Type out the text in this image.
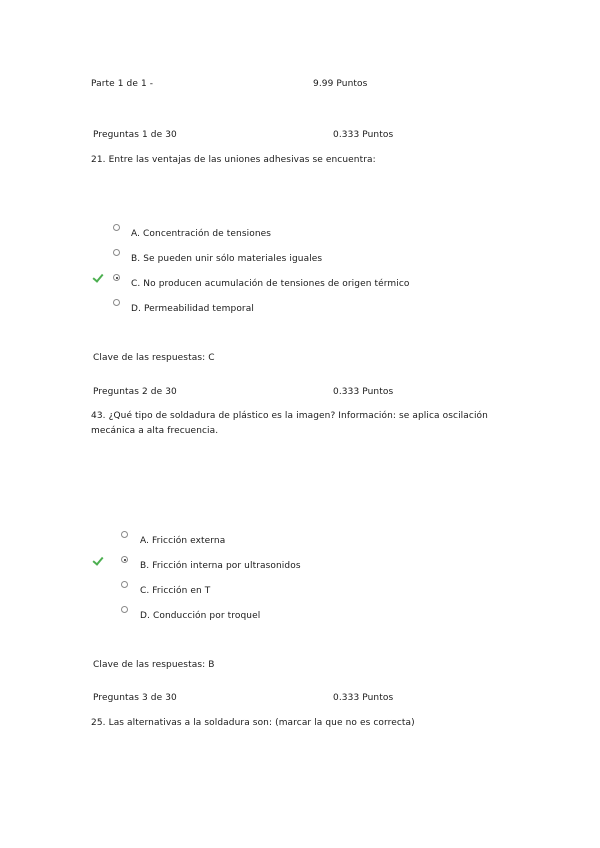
Parte 1 de 1 -	9.99 Puntos
Preguntas 1 de 30	0.333 Puntos
21. Entre las ventajas de las uniones adhesivas se encuentra:
A. Concentración de tensiones
B. Se pueden unir sólo materiales iguales
C. No producen acumulación de tensiones de origen térmico
D. Permeabilidad temporal
Clave de las respuestas: C
Preguntas 2 de 30	0.333 Puntos
43. ¿Qué tipo de soldadura de plástico es la imagen? Información: se aplica oscilación mecánica a alta frecuencia.
A. Fricción externa
B. Fricción interna por ultrasonidos
C. Fricción en T
D. Conducción por troquel
Clave de las respuestas: B
Preguntas 3 de 30	0.333 Puntos
25. Las alternativas a la soldadura son: (marcar la que no es correcta)
